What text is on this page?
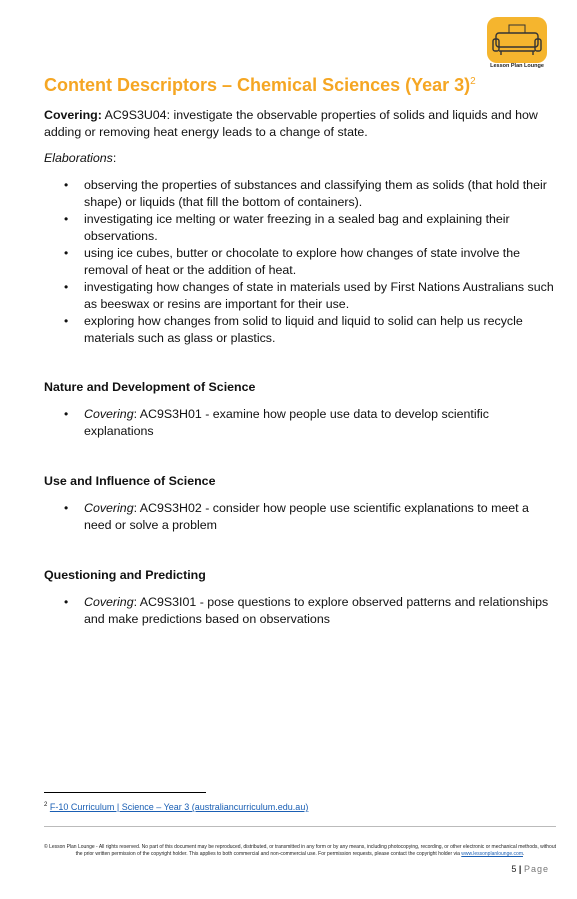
Lesson Plan Lounge
Content Descriptors – Chemical Sciences (Year 3)$^2$

Covering: AC9S3U04: investigate the observable properties of solids and liquids and how adding or removing heat energy leads to a change of state.

Elaborations:

• observing the properties of substances and classifying them as solids (that hold their shape) or liquids (that fill the bottom of containers).
• investigating ice melting or water freezing in a sealed bag and explaining their observations.
• using ice cubes, butter or chocolate to explore how changes of state involve the removal of heat or the addition of heat.
• investigating how changes of state in materials used by First Nations Australians such as beeswax or resins are important for their use.
• exploring how changes from solid to liquid and liquid to solid can help us recycle materials such as glass or plastics.
Nature and Development of Science
• Covering: AC9S3H01 - examine how people use data to develop scientific explanations
Use and Influence of Science
• Covering: AC9S3H02 - consider how people use scientific explanations to meet a need or solve a problem
Questioning and Predicting
• Covering: AC9S3I01 - pose questions to explore observed patterns and relationships and make predictions based on observations
$^2$ F-10 Curriculum | Science – Year 3 (australiancurriculum.edu.au)
© Lesson Plan Lounge - All rights reserved. No part of this document may be reproduced, distributed, or transmitted in any form or by any means, including photocopying, recording, or other electronic or mechanical methods, without the prior written permission of the copyright holder. This applies to both commercial and non-commercial use. For permission requests, please contact the copyright holder via www.lessonplanlounge.com.
5 | Page
